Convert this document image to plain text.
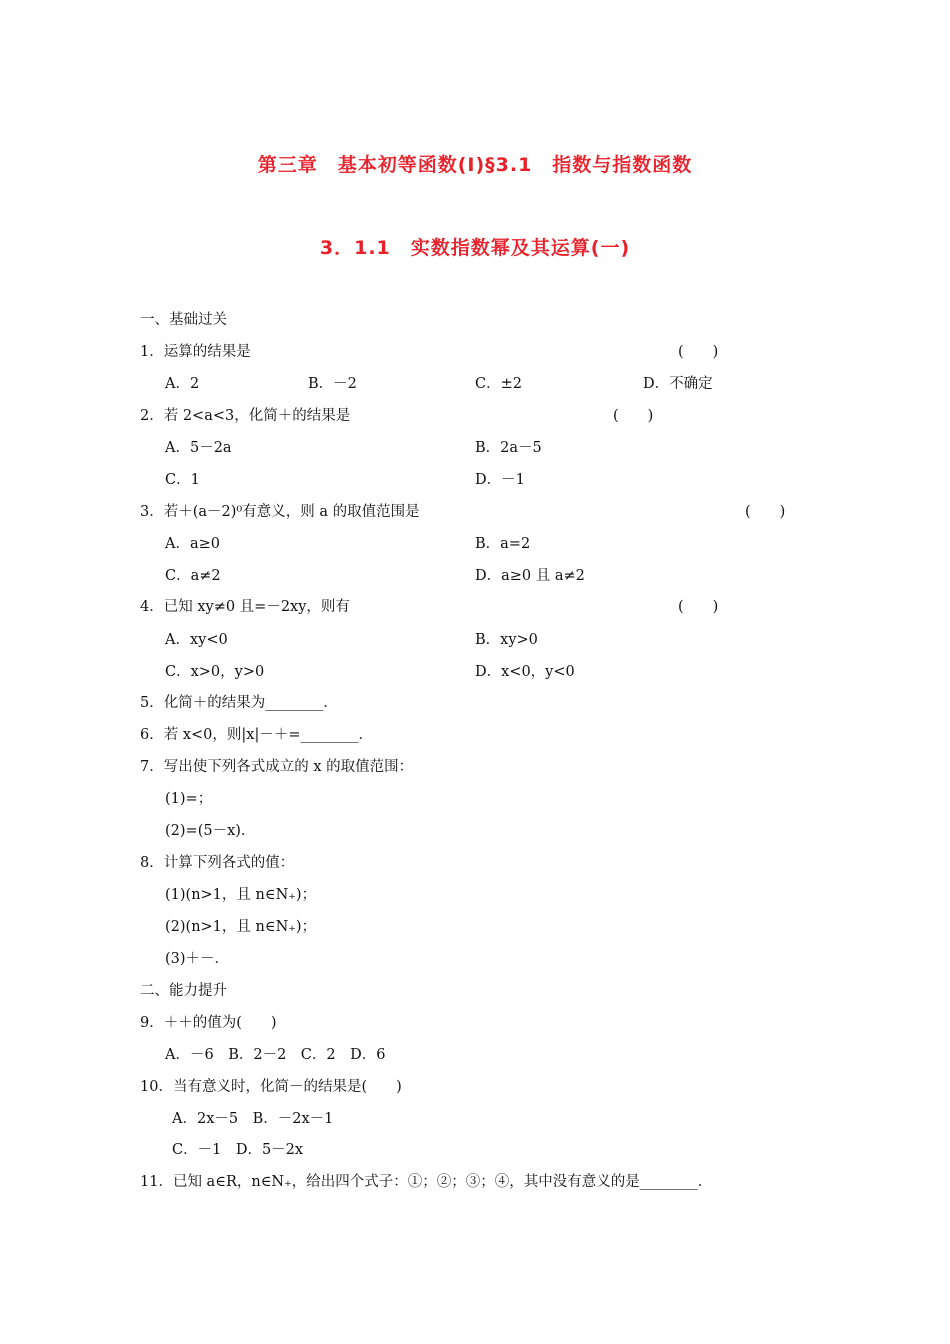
第三章　基本初等函数(Ⅰ)§3.1　指数与指数函数
3．1.1　实数指数幂及其运算(一)
一、基础过关
1．运算的结果是	(　　)
A．2	B．－2	C．±2	D．不确定
2．若 2<a<3，化简＋的结果是	(　　)
A．5－2a	B．2a－5
C．1	D．－1
3．若＋(a－2)⁰有意义，则 a 的取值范围是	(　　)
A．a≥0	B．a=2
C．a≠2	D．a≥0 且 a≠2
4．已知 xy≠0 且=－2xy，则有	(　　)
A．xy<0	B．xy>0
C．x>0，y>0	D．x<0，y<0
5．化简＋的结果为________．
6．若 x<0，则|x|－＋=________．
7．写出使下列各式成立的 x 的取值范围：
(1)=；
(2)=(5－x)．
8．计算下列各式的值：
(1)(n>1，且 n∈N₊)；
(2)(n>1，且 n∈N₊)；
(3)＋－．
二、能力提升
9．＋＋的值为(　　)
A．－6　B．2－2　C．2　D．6
10．当有意义时，化简－的结果是(　　)
A．2x－5　B．－2x－1
C．－1　D．5－2x
11．已知 a∈R，n∈N₊，给出四个式子：①；②；③；④，其中没有意义的是________．
